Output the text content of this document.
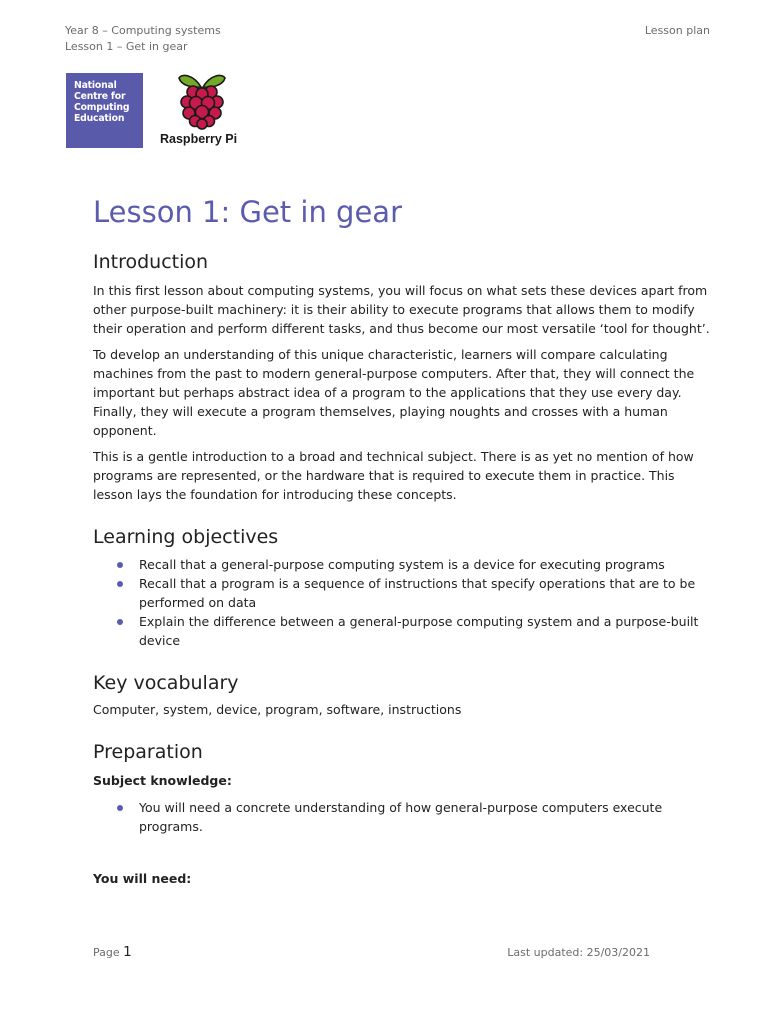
Year 8 – Computing systems
Lesson 1 – Get in gear
Lesson plan
National
Centre for
Computing
Education
Raspberry Pi
Lesson 1: Get in gear
Introduction

In this first lesson about computing systems, you will focus on what sets these devices apart from other purpose-built machinery: it is their ability to execute programs that allows them to modify their operation and perform different tasks, and thus become our most versatile ‘tool for thought’.

To develop an understanding of this unique characteristic, learners will compare calculating machines from the past to modern general-purpose computers. After that, they will connect the important but perhaps abstract idea of a program to the applications that they use every day. Finally, they will execute a program themselves, playing noughts and crosses with a human opponent.

This is a gentle introduction to a broad and technical subject. There is as yet no mention of how programs are represented, or the hardware that is required to execute them in practice. This lesson lays the foundation for introducing these concepts.

Learning objectives
Recall that a general-purpose computing system is a device for executing programs
Recall that a program is a sequence of instructions that specify operations that are to be performed on data
Explain the difference between a general-purpose computing system and a purpose-built device
Key vocabulary

Computer, system, device, program, software, instructions

Preparation

Subject knowledge:

You will need a concrete understanding of how general-purpose computers execute programs.

You will need:

Page 1	Last updated: 25/03/2021
